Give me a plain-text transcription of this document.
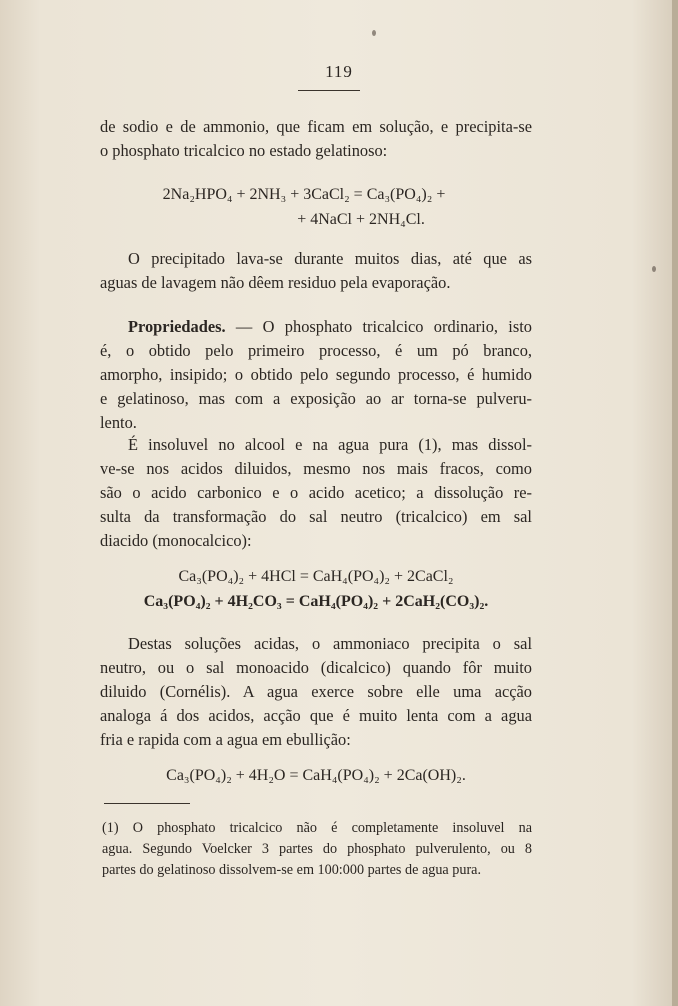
119

de sodio e de ammonio, que ficam em solução, e precipita-se
o phosphato tricalcico no estado gelatinoso:

2Na₂HPO₄ + 2NH₃ + 3CaCl₂ = Ca₃(PO₄)₂ +
+ 4NaCl + 2NH₄Cl.

O precipitado lava-se durante muitos dias, até que as
aguas de lavagem não dêem residuo pela evaporação.

Propriedades. — O phosphato tricalcico ordinario, isto
é, o obtido pelo primeiro processo, é um pó branco,
amorpho, insipido; o obtido pelo segundo processo, é humido
e gelatinoso, mas com a exposição ao ar torna-se pulveru-
lento.

É insoluvel no alcool e na agua pura (1), mas dissol-
ve-se nos acidos diluidos, mesmo nos mais fracos, como
são o acido carbonico e o acido acetico; a dissolução re-
sulta da transformação do sal neutro (tricalcico) em sal
diacido (monocalcico):

Ca₃(PO₄)₂ + 4HCl = CaH₄(PO₄)₂ + 2CaCl₂
Ca₃(PO₄)₂ + 4H₂CO₃ = CaH₄(PO₄)₂ + 2CaH₂(CO₃)₂.

Destas soluções acidas, o ammoniaco precipita o sal
neutro, ou o sal monoacido (dicalcico) quando fôr muito
diluido (Cornélis). A agua exerce sobre elle uma acção
analoga á dos acidos, acção que é muito lenta com a agua
fria e rapida com a agua em ebullição:

Ca₃(PO₄)₂ + 4H₂O = CaH₄(PO₄)₂ + 2Ca(OH)₂.
(1) O phosphato tricalcico não é completamente insoluvel na
agua. Segundo Voelcker 3 partes do phosphato pulverulento, ou 8
partes do gelatinoso dissolvem-se em 100:000 partes de agua pura.
